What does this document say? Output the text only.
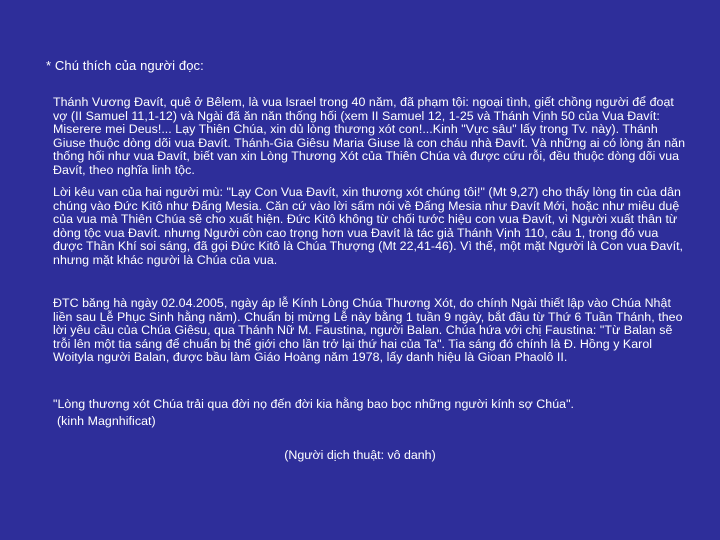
* Chú thích của người đọc:

Thánh Vương Đavít, quê ở Bêlem, là vua Israel trong 40 năm, đã phạm tội: ngoại tình, giết chồng người để đoạt vợ (II Samuel 11,1-12) và Ngài đã ăn năn thống hối (xem II Samuel 12, 1-25 và Thánh Vịnh 50 của Vua Đavít: Miserere mei Deus!... Lạy Thiên Chúa, xin dủ lòng thương xót con!...Kinh "Vực sâu" lấy trong Tv. này). Thánh Giuse thuộc dòng dõi vua Đavít. Thánh-Gia Giêsu Maria Giuse là con cháu nhà Đavít. Và những ai có lòng ăn năn thống hối như vua Đavít, biết van xin Lòng Thương Xót của Thiên Chúa và được cứu rỗi, đều thuộc dòng dõi vua Đavít, theo nghĩa linh tộc.

Lời kêu van của hai người mù: "Lạy Con Vua Đavít, xin thương xót chúng tôi!" (Mt 9,27) cho thấy lòng tin của dân chúng vào Đức Kitô như Đấng Mesia. Căn cứ vào lời sấm nói về Đấng Mesia như Đavít Mới, hoặc như miêu duệ của vua mà Thiên Chúa sẽ cho xuất hiện. Đức Kitô không từ chối tước hiệu con vua Đavít, vì Người xuất thân từ dòng tộc vua Đavít. nhưng Người còn cao trọng hơn vua Đavít là tác giả Thánh Vịnh 110, câu 1, trong đó vua được Thần Khí soi sáng, đã gọi Đức Kitô là Chúa Thượng (Mt 22,41-46). Vì thế, một mặt Người là Con vua Đavít, nhưng mặt khác người là Chúa của vua.

ĐTC băng hà ngày 02.04.2005, ngày áp lễ Kính Lòng Chúa Thương Xót, do chính Ngài thiết lập vào Chúa Nhật liền sau Lễ Phục Sinh hằng năm). Chuẩn bị mừng Lễ này bằng 1 tuần 9 ngày, bắt đầu từ Thứ 6 Tuần Thánh, theo lời yêu cầu của Chúa Giêsu, qua Thánh Nữ M. Faustina, người Balan. Chúa hứa với chị Faustina: "Từ Balan sẽ trỗi lên một tia sáng để chuẩn bị thế giới cho lần trở lại thứ hai của Ta". Tia sáng đó chính là Đ. Hồng y Karol Woityla người Balan, được bầu làm Giáo Hoàng năm 1978, lấy danh hiệu là Gioan Phaolô II.

"Lòng thương xót Chúa trải qua đời nọ đến đời kia hằng bao bọc những người kính sợ Chúa".
(kinh Magnhificat)

(Người dịch thuật: vô danh)
